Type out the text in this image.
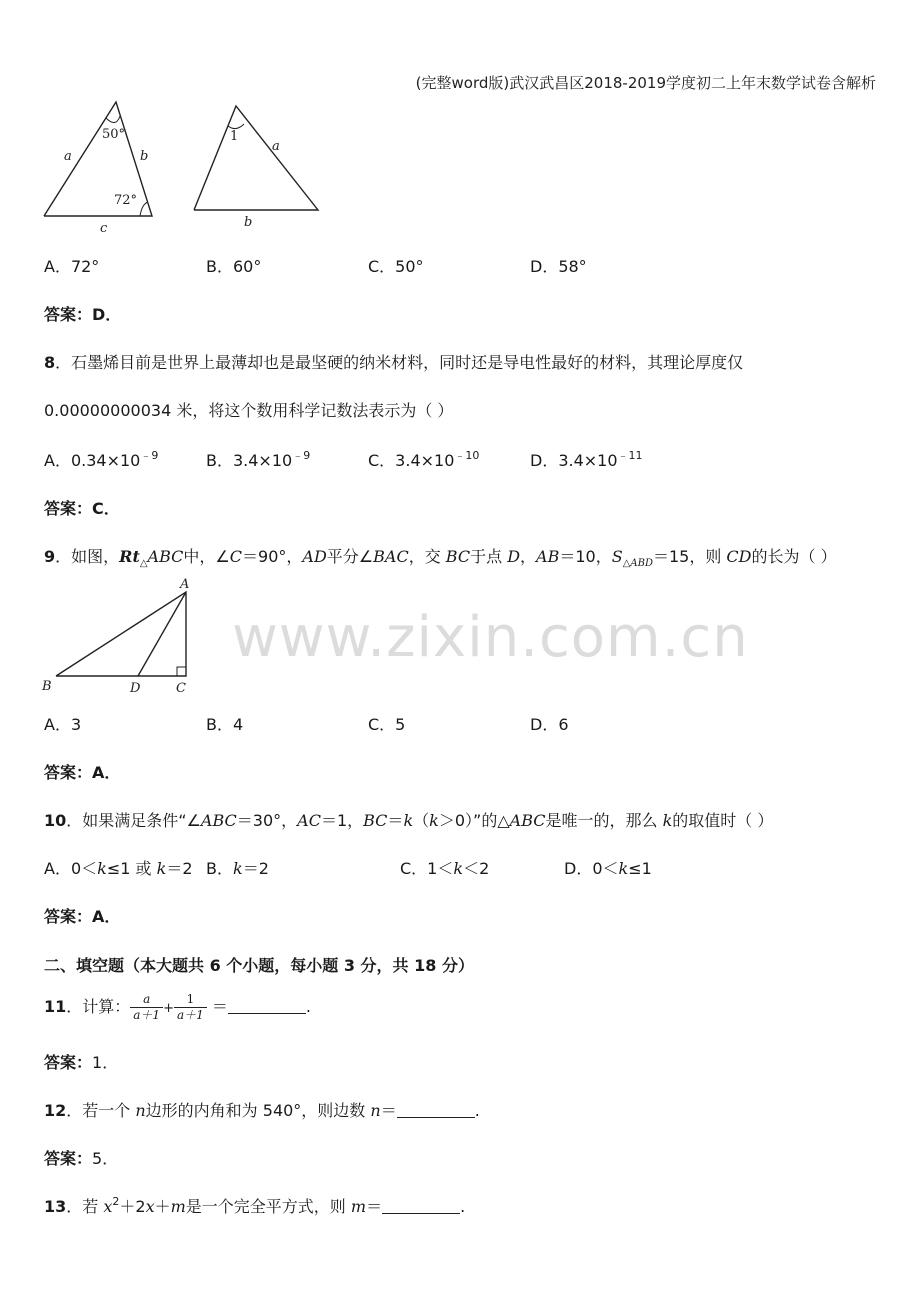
(完整word版)武汉武昌区2018-2019学度初二上年末数学试卷含解析
a	b
c
50°
72°
1
a
b
A．72°	B．60°	C．50°	D．58°
答案：D．
8．石墨烯目前是世界上最薄却也是最坚硬的纳米材料，同时还是导电性最好的材料，其理论厚度仅
0.00000000034 米，将这个数用科学记数法表示为（ ）
A．$0.34\times 10^{﹣9}$	B．$3.4\times 10^{﹣9}$	C．$3.4\times 10^{﹣10}$	D．$3.4\times 10^{﹣11}$
答案：C．
9．如图，$Rt_\triangle ABC$中，∠C＝90°，AD平分∠BAC，交 BC于点 D，AB＝10，$S_{\triangle ABD}=15$，则 CD的长为（ ）
A
B	D	C
A．3	B．4	C．5	D．6
答案：A．
10．如果满足条件“∠ABC＝30°，AC＝1，BC＝k（k＞0）”的△ABC是唯一的，那么 k的取值时（ ）
A．0＜k≤1 或 k＝2 B．k＝2	C．1＜k＜2	D．0＜k≤1
答案：A．
二、填空题（本大题共 6 个小题，每小题 3 分，共 18 分）
11．计算： $\frac{a}{a+1} + \frac{1}{a+1}$ ＝	.
答案：1．
12．若一个 n边形的内角和为 540°，则边数 n＝	.
答案：5．
13．若 $x^2+2x+m$是一个完全平方式，则 m＝	.
www.zixin.com.cn
